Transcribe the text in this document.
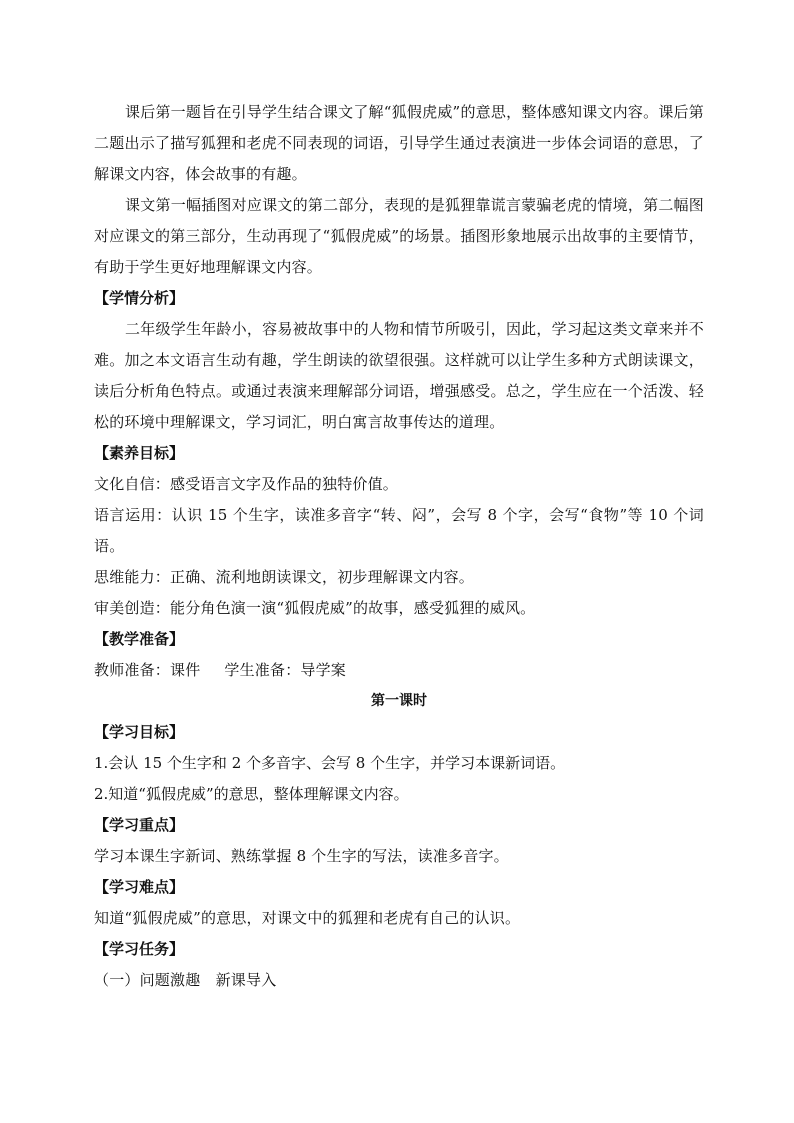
课后第一题旨在引导学生结合课文了解“狐假虎威”的意思，整体感知课文内容。课后第二题出示了描写狐狸和老虎不同表现的词语，引导学生通过表演进一步体会词语的意思，了解课文内容，体会故事的有趣。

课文第一幅插图对应课文的第二部分，表现的是狐狸靠谎言蒙骗老虎的情境，第二幅图对应课文的第三部分，生动再现了“狐假虎威”的场景。插图形象地展示出故事的主要情节，有助于学生更好地理解课文内容。

【学情分析】

二年级学生年龄小，容易被故事中的人物和情节所吸引，因此，学习起这类文章来并不难。加之本文语言生动有趣，学生朗读的欲望很强。这样就可以让学生多种方式朗读课文，读后分析角色特点。或通过表演来理解部分词语，增强感受。总之，学生应在一个活泼、轻松的环境中理解课文，学习词汇，明白寓言故事传达的道理。

【素养目标】

文化自信：感受语言文字及作品的独特价值。

语言运用：认识 15 个生字，读准多音字“转、闷”，会写 8 个字，会写“食物”等 10 个词语。

思维能力：正确、流利地朗读课文，初步理解课文内容。

审美创造：能分角色演一演“狐假虎威”的故事，感受狐狸的威风。

【教学准备】

教师准备：课件 学生准备：导学案

第一课时

【学习目标】

1.会认 15 个生字和 2 个多音字、会写 8 个生字，并学习本课新词语。

2.知道“狐假虎威”的意思，整体理解课文内容。

【学习重点】

学习本课生字新词、熟练掌握 8 个生字的写法，读准多音字。

【学习难点】

知道“狐假虎威”的意思，对课文中的狐狸和老虎有自己的认识。

【学习任务】

（一）问题激趣　新课导入
